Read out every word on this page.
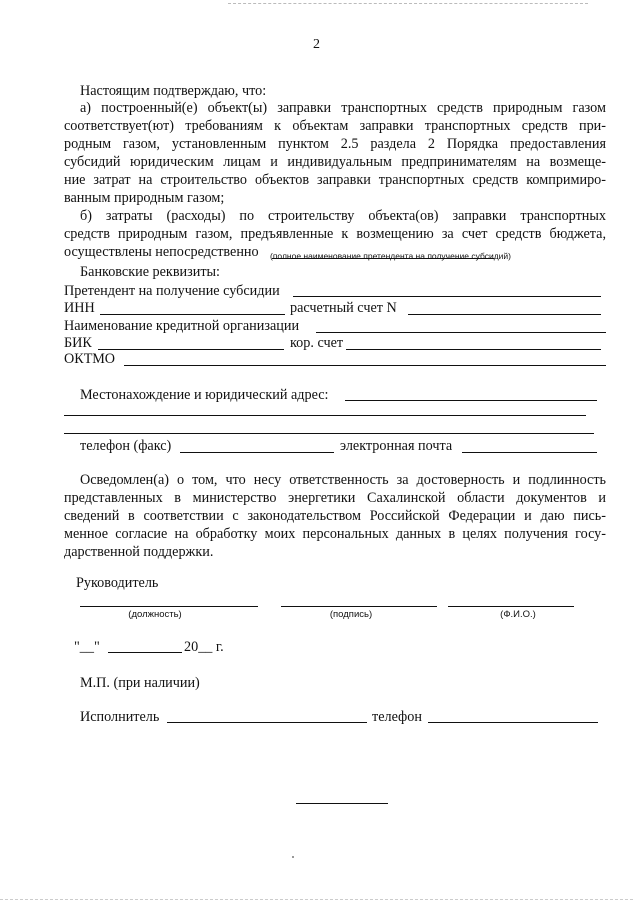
2
Настоящим подтверждаю, что:
а) построенный(е) объект(ы) заправки транспортных средств природным газом
соответствует(ют) требованиям к объектам заправки транспортных средств при-
родным газом, установленным пунктом 2.5 раздела 2 Порядка предоставления
субсидий юридическим лицам и индивидуальным предпринимателям на возмеще-
ние затрат на строительство объектов заправки транспортных средств компримиро-
ванным природным газом;
б) затраты (расходы) по строительству объекта(ов) заправки транспортных
средств природным газом, предъявленные к возмещению за счет средств бюджета,
осуществлены непосредственно (полное наименование претендента на получение субсидий)
Банковские реквизиты:
Претендент на получение субсидии
ИНН	расчетный счет N
Наименование кредитной организации
БИК	кор. счет
ОКТМО
Местонахождение и юридический адрес:
телефон (факс)	электронная почта
Осведомлен(а) о том, что несу ответственность за достоверность и подлинность
представленных в министерство энергетики Сахалинской области документов и
сведений в соответствии с законодательством Российской Федерации и даю пись-
менное согласие на обработку моих персональных данных в целях получения госу-
дарственной поддержки.
Руководитель
(должность)	(подпись)	(Ф.И.О.)
"__"	20__ г.
М.П. (при наличии)
Исполнитель	телефон
